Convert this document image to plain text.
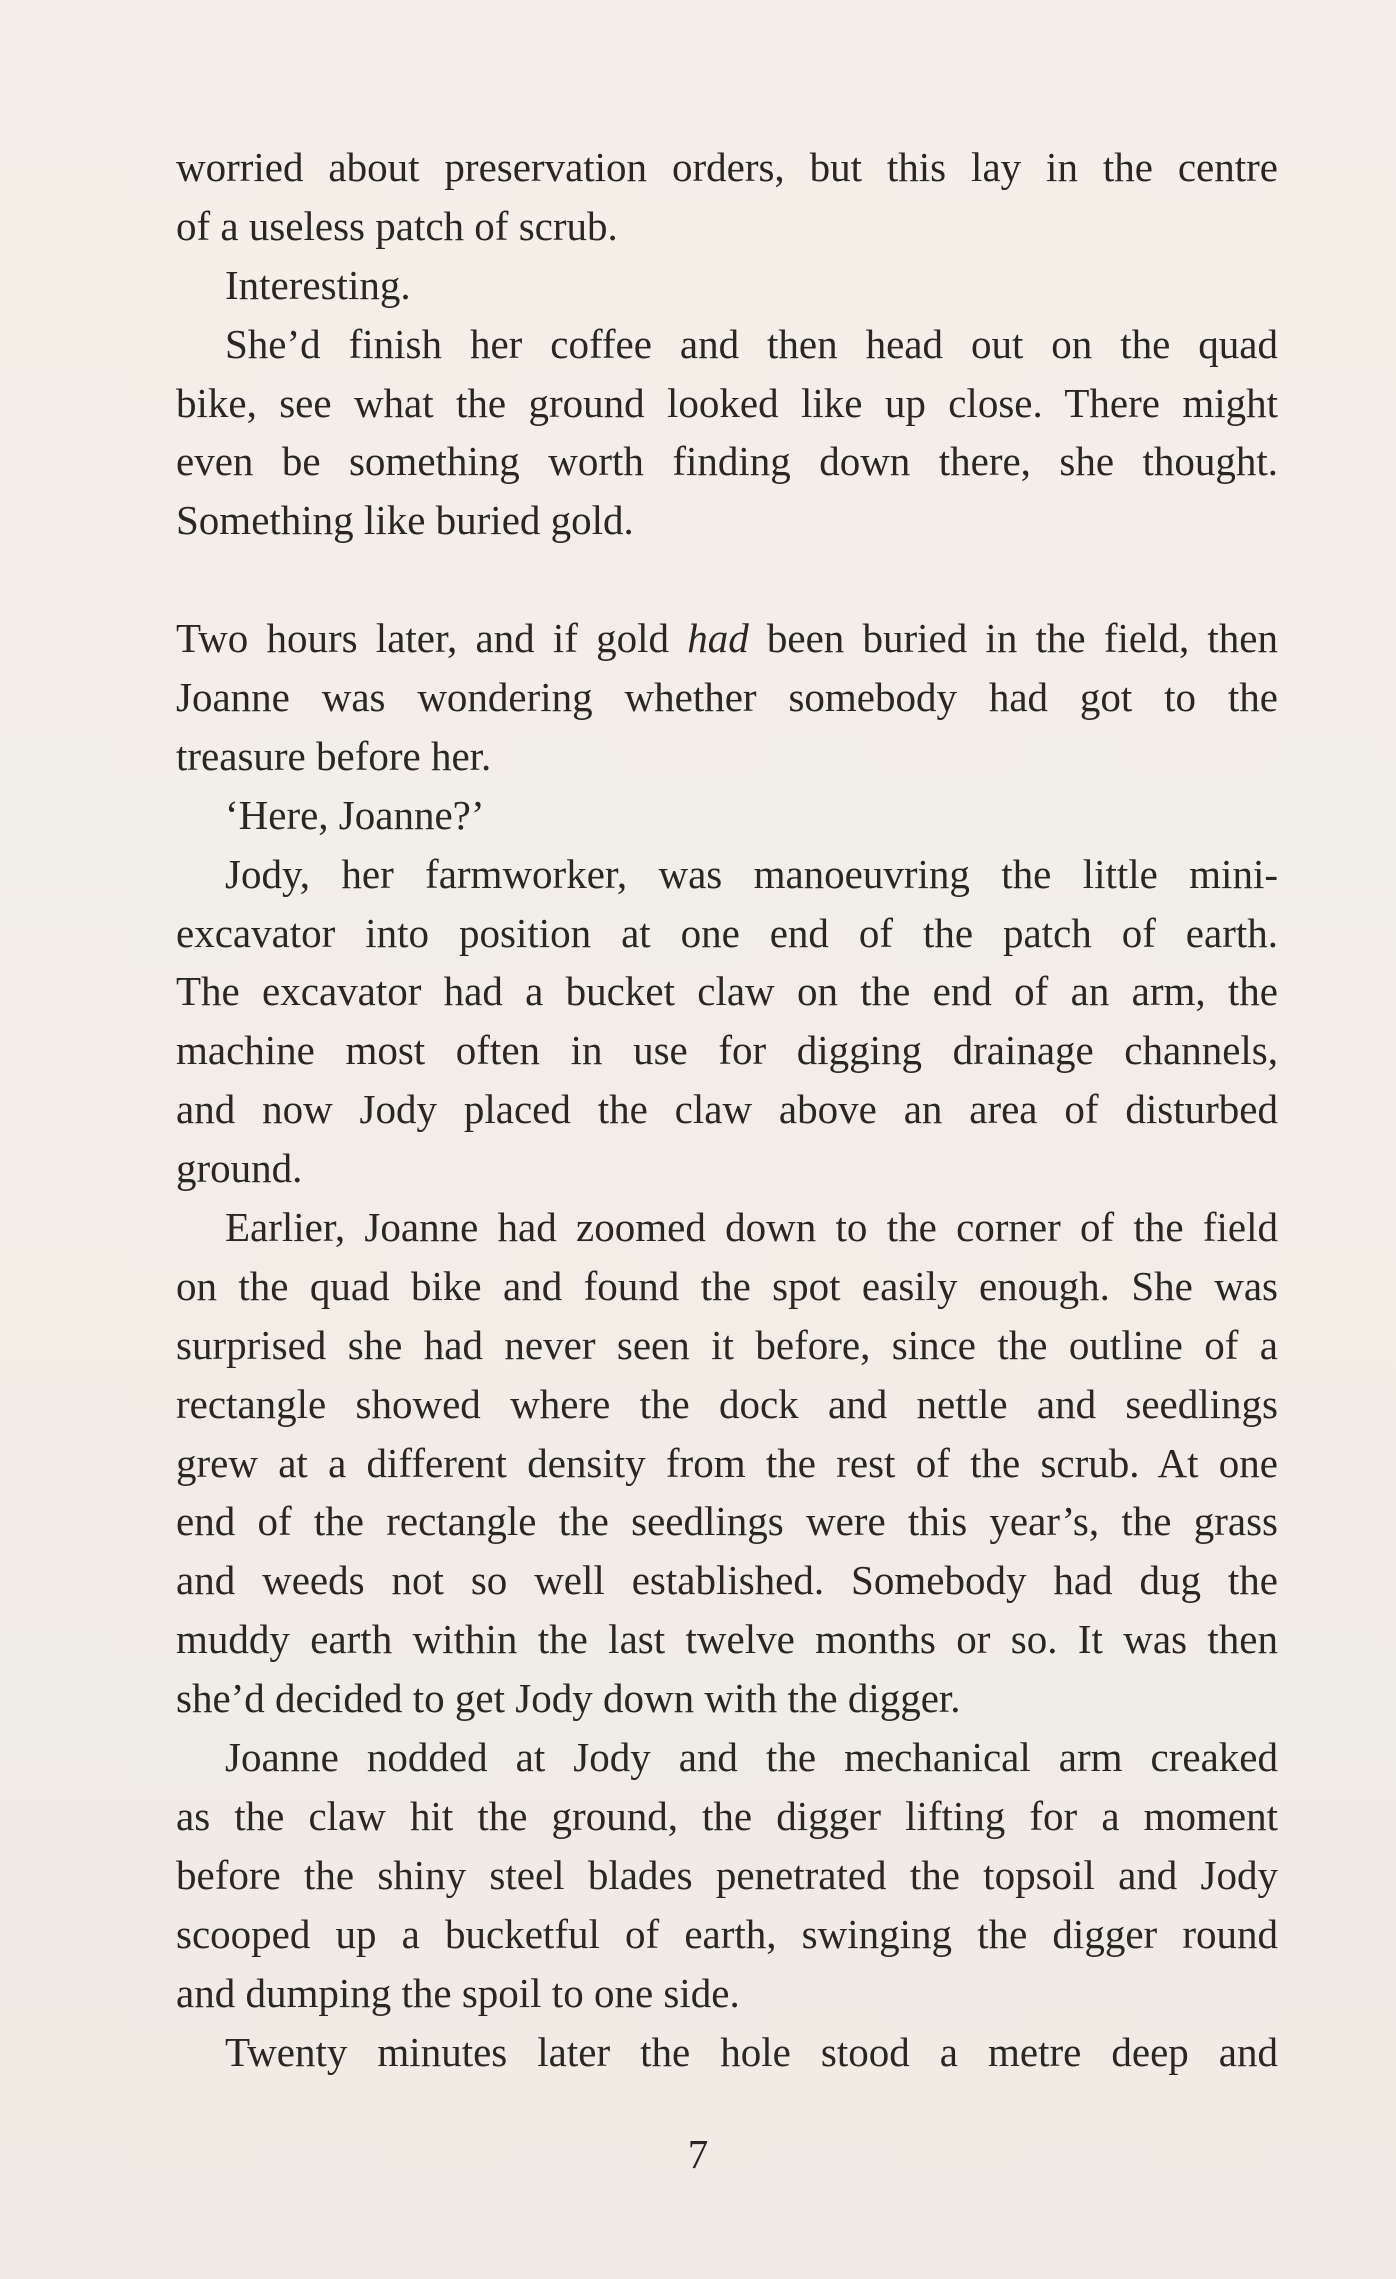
worried about preservation orders, but this lay in the centre
of a useless patch of scrub.
Interesting.
She’d finish her coffee and then head out on the quad
bike, see what the ground looked like up close. There might
even be something worth finding down there, she thought.
Something like buried gold.
Two hours later, and if gold had been buried in the field, then
Joanne was wondering whether somebody had got to the
treasure before her.
‘Here, Joanne?’
Jody, her farmworker, was manoeuvring the little mini-
excavator into position at one end of the patch of earth.
The excavator had a bucket claw on the end of an arm, the
machine most often in use for digging drainage channels,
and now Jody placed the claw above an area of disturbed
ground.
Earlier, Joanne had zoomed down to the corner of the field
on the quad bike and found the spot easily enough. She was
surprised she had never seen it before, since the outline of a
rectangle showed where the dock and nettle and seedlings
grew at a different density from the rest of the scrub. At one
end of the rectangle the seedlings were this year’s, the grass
and weeds not so well established. Somebody had dug the
muddy earth within the last twelve months or so. It was then
she’d decided to get Jody down with the digger.
Joanne nodded at Jody and the mechanical arm creaked
as the claw hit the ground, the digger lifting for a moment
before the shiny steel blades penetrated the topsoil and Jody
scooped up a bucketful of earth, swinging the digger round
and dumping the spoil to one side.
Twenty minutes later the hole stood a metre deep and
7
